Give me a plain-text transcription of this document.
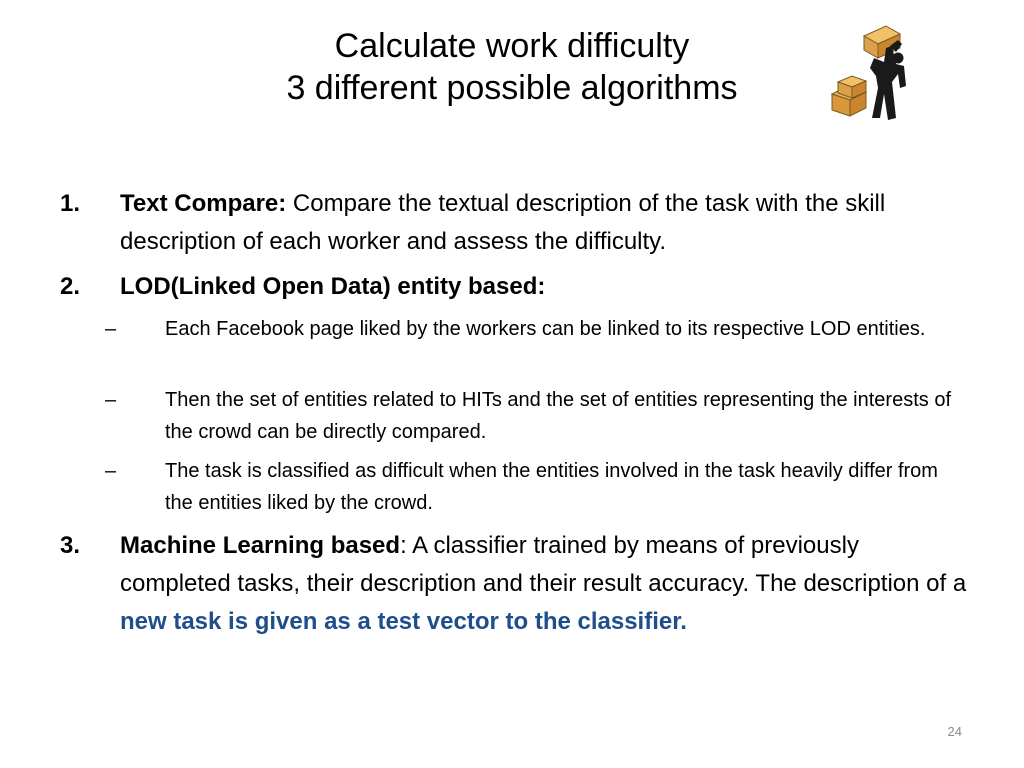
Calculate work difficulty
3 different possible algorithms
1. Text Compare: Compare the textual description of the task with the skill description of each worker and assess the difficulty.
2. LOD(Linked Open Data) entity based:
– Each Facebook page liked by the workers can be linked to its respective LOD entities.
– Then the set of entities related to HITs and the set of entities representing the interests of the crowd can be directly compared.
– The task is classified as difficult when the entities involved in the task heavily differ from the entities liked by the crowd.
3. Machine Learning based: A classifier trained by means of previously completed tasks, their description and their result accuracy. The description of a new task is given as a test vector to the classifier.
24
